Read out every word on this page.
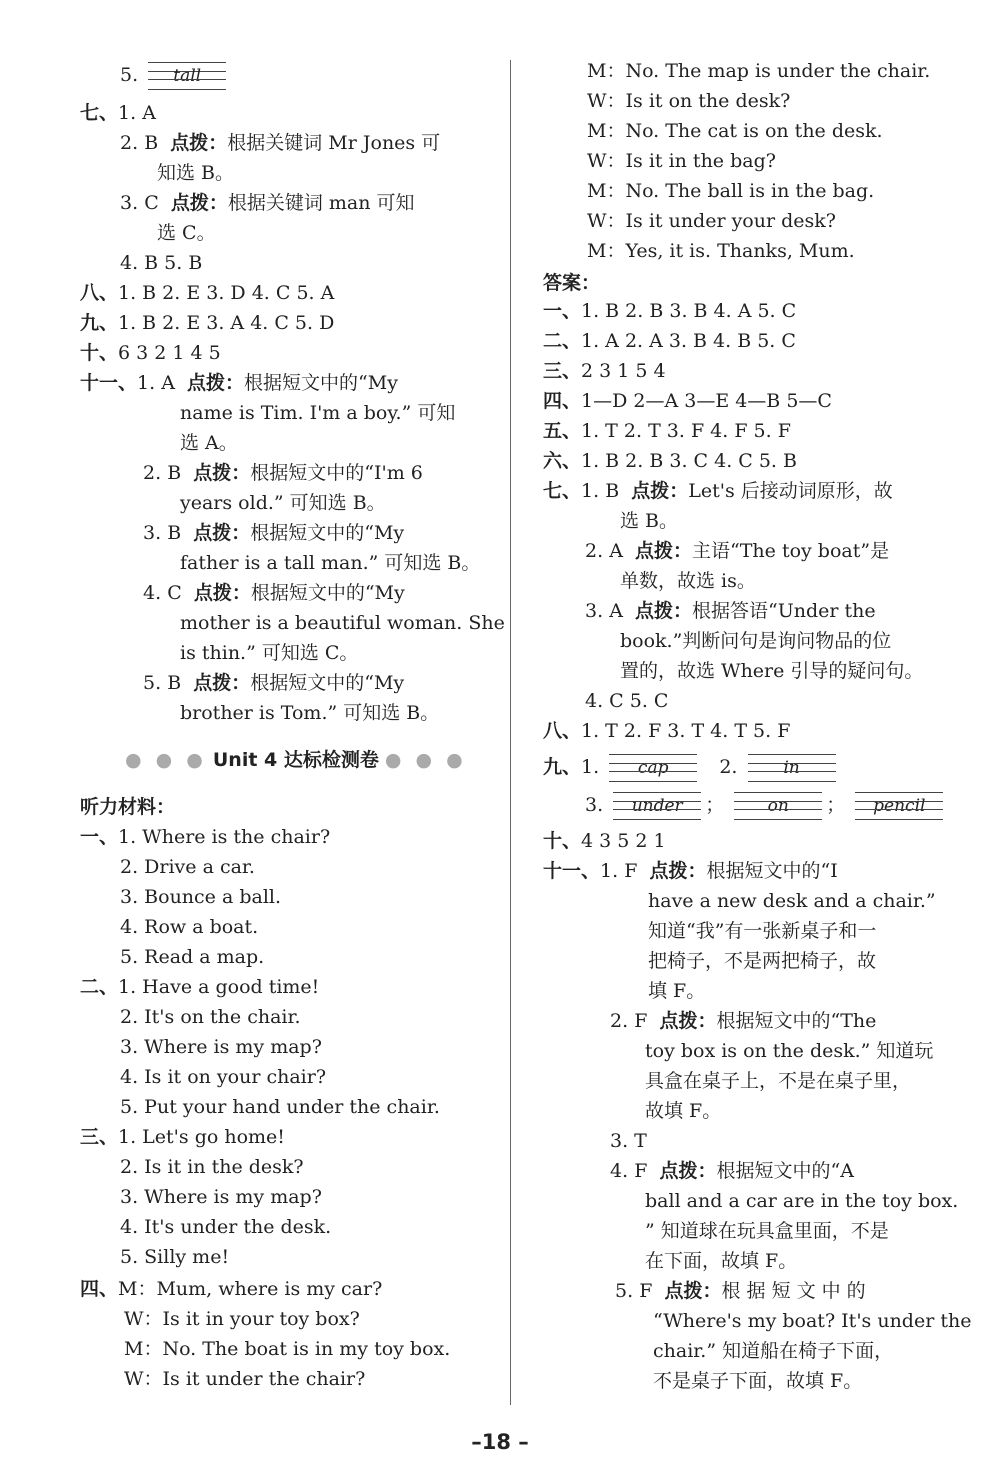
5.	tall
七、1. A
2. B 点拨：根据关键词 Mr Jones 可
知选 B。
3. C 点拨：根据关键词 man 可知
选 C。
4. B 5. B
八、1. B 2. E 3. D 4. C 5. A
九、1. B 2. E 3. A 4. C 5. D
十、6 3 2 1 4 5
十一、1. A 点拨：根据短文中的“My
name is Tim. I'm a boy.” 可知
选 A。
2. B 点拨：根据短文中的“I'm 6
years old.” 可知选 B。
3. B 点拨：根据短文中的“My
father is a tall man.” 可知选 B。
4. C 点拨：根据短文中的“My
mother is a beautiful woman. She
is thin.” 可知选 C。
5. B 点拨：根据短文中的“My
brother is Tom.” 可知选 B。
● ● ● Unit 4 达标检测卷 ● ● ●
听力材料：
一、1. Where is the chair?
2. Drive a car.
3. Bounce a ball.
4. Row a boat.
5. Read a map.
二、1. Have a good time!
2. It's on the chair.
3. Where is my map?
4. Is it on your chair?
5. Put your hand under the chair.
三、1. Let's go home!
2. Is it in the desk?
3. Where is my map?
4. It's under the desk.
5. Silly me!
四、M：Mum, where is my car?
W：Is it in your toy box?
M：No. The boat is in my toy box.
W：Is it under the chair?
M：No. The map is under the chair.
W：Is it on the desk?
M：No. The cat is on the desk.
W：Is it in the bag?
M：No. The ball is in the bag.
W：Is it under your desk?
M：Yes, it is. Thanks, Mum.
答案：
一、1. B 2. B 3. B 4. A 5. C
二、1. A 2. A 3. B 4. B 5. C
三、2 3 1 5 4
四、1—D 2—A 3—E 4—B 5—C
五、1. T 2. T 3. F 4. F 5. F
六、1. B 2. B 3. C 4. C 5. B
七、1. B 点拨：Let's 后接动词原形，故
选 B。
2. A 点拨：主语“The toy boat”是
单数，故选 is。
3. A 点拨：根据答语“Under the
book.”判断问句是询问物品的位
置的，故选 Where 引导的疑问句。
4. C 5. C
八、1. T 2. F 3. T 4. T 5. F
九、1.	cap	2.	in
3.	under	；	on	；	pencil
十、4 3 5 2 1
十一、1. F 点拨：根据短文中的“I
have a new desk and a chair.”
知道“我”有一张新桌子和一
把椅子，不是两把椅子，故
填 F。
2. F 点拨：根据短文中的“The
toy box is on the desk.” 知道玩
具盒在桌子上，不是在桌子里，
故填 F。
3. T
4. F 点拨：根据短文中的“A
ball and a car are in the toy box.
” 知道球在玩具盒里面，不是
在下面，故填 F。
5. F 点拨：根 据 短 文 中 的
“Where's my boat? It's under the
chair.” 知道船在椅子下面，
不是桌子下面，故填 F。
–18 –
